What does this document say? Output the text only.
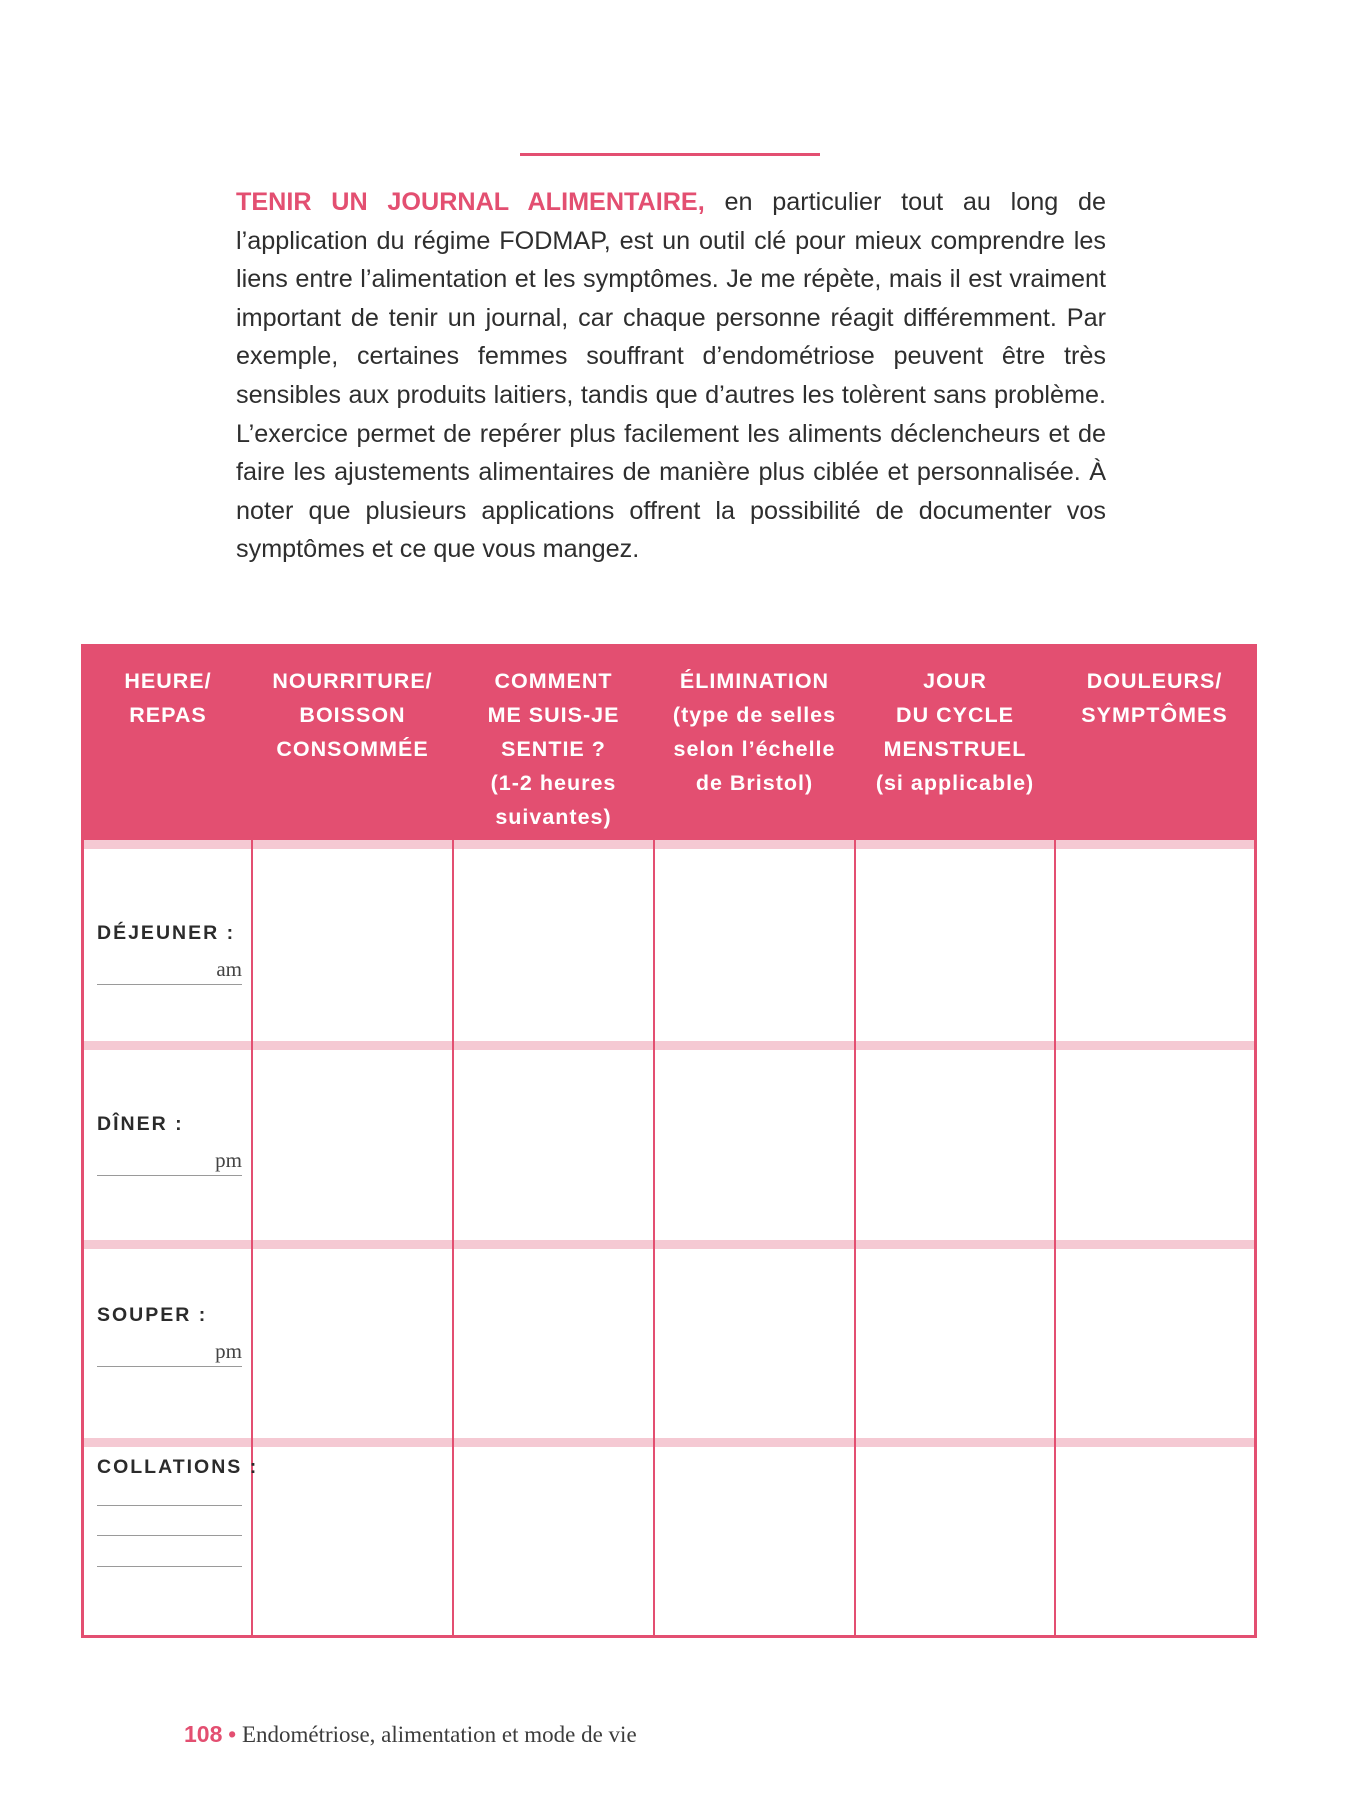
TENIR UN JOURNAL ALIMENTAIRE, en particulier tout au long de l’application du régime FODMAP, est un outil clé pour mieux comprendre les liens entre l’alimentation et les symptômes. Je me répète, mais il est vraiment important de tenir un journal, car chaque personne réagit différemment. Par exemple, certaines femmes souffrant d’endométriose peuvent être très sensibles aux produits laitiers, tandis que d’autres les tolèrent sans problème. L’exercice permet de repérer plus facilement les aliments déclencheurs et de faire les ajustements alimentaires de manière plus ciblée et personnalisée. À noter que plusieurs applications offrent la possibilité de documenter vos symptômes et ce que vous mangez.

HEURE/
REPAS
NOURRITURE/
BOISSON
CONSOMMÉE
COMMENT
ME SUIS-JE
SENTIE ?
(1-2 heures
suivantes)
ÉLIMINATION
(type de selles
selon l’échelle
de Bristol)
JOUR
DU CYCLE
MENSTRUEL
(si applicable)
DOULEURS/
SYMPTÔMES
DÉJEUNER :
am
DÎNER :
pm
SOUPER :
pm
COLLATIONS :
108 • Endométriose, alimentation et mode de vie
